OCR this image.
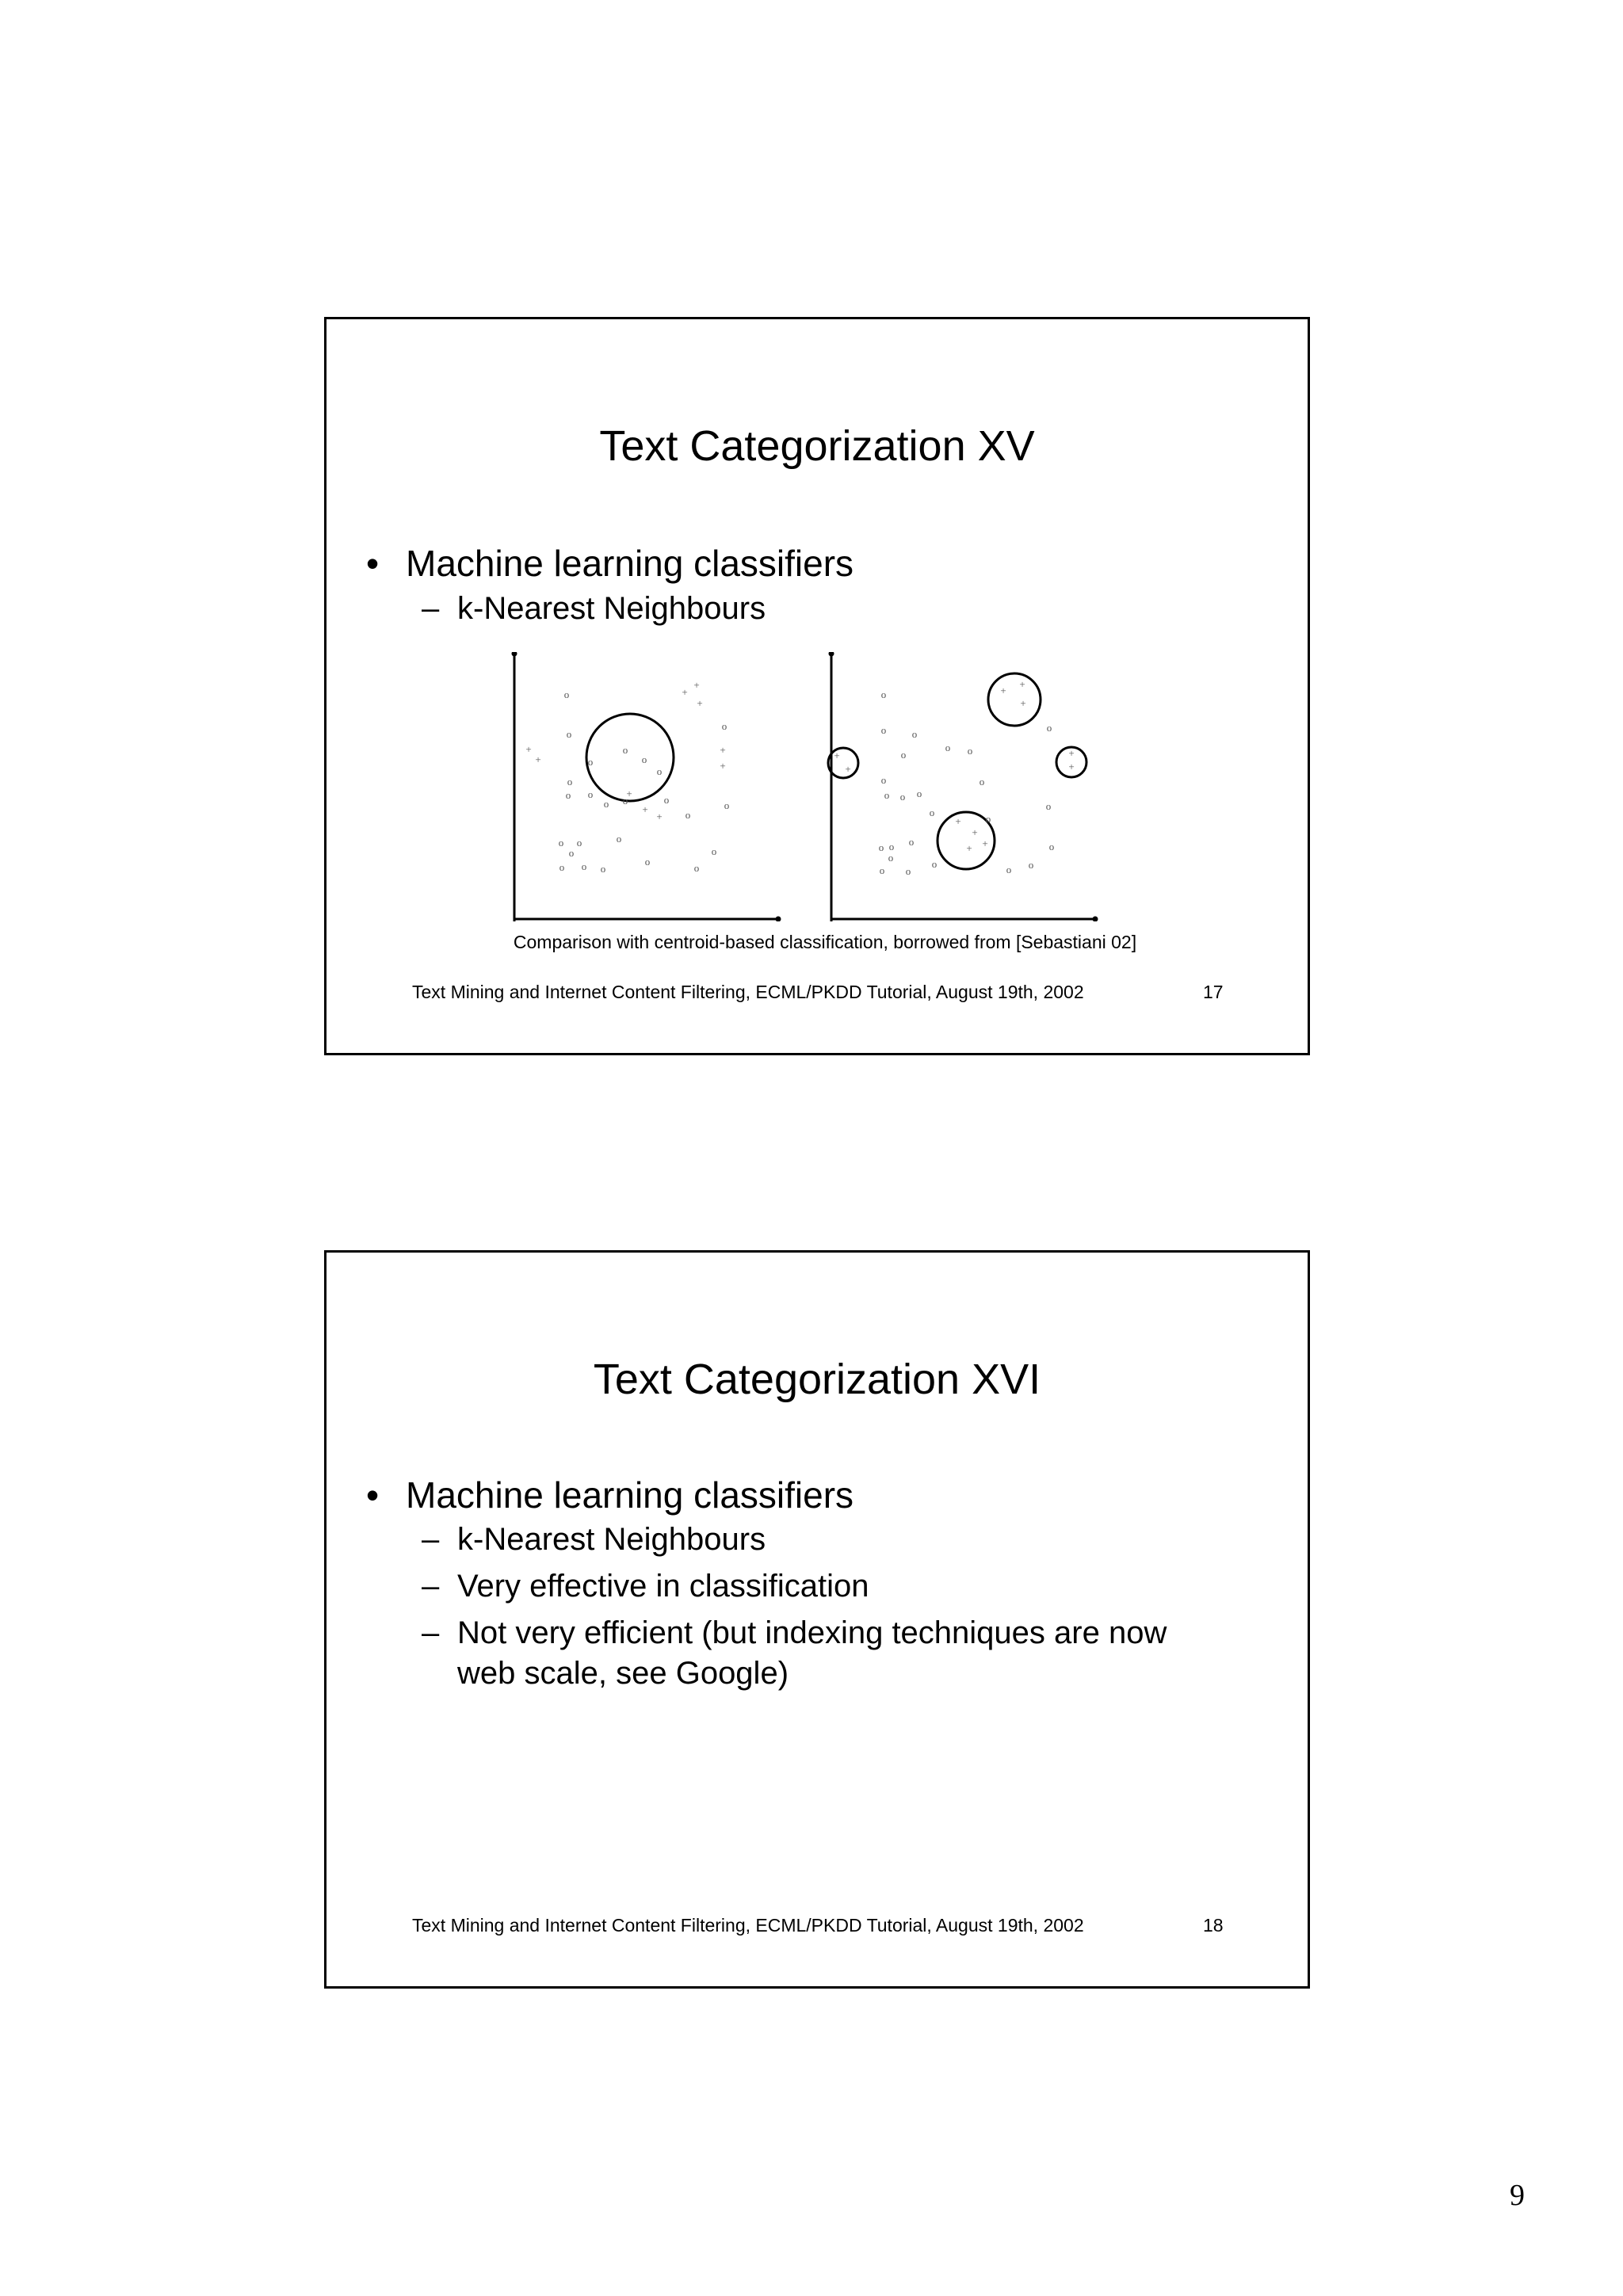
Text Categorization XV
• Machine learning classifiers
– k-Nearest Neighbours
o
o
o
o
o
o
o
o o
o o	o
o
o
o
o o	o
o
o o o
o
o
o
+
+
+
+
+
+
+
+
+
+
o
o	o
o o
o
o
o
o
o o o
o
o
o o o
o
o o
o
o
o
o
o
+
+
+
+
+
+
+
+
+
+
+
Comparison with centroid-based classification, borrowed from [Sebastiani 02]
Text Mining and Internet Content Filtering, ECML/PKDD Tutorial, August 19th, 2002	17
Text Categorization XVI
• Machine learning classifiers
– k-Nearest Neighbours
– Very effective in classification
– Not very efficient (but indexing techniques are now
web scale, see Google)
Text Mining and Internet Content Filtering, ECML/PKDD Tutorial, August 19th, 2002	18
9
